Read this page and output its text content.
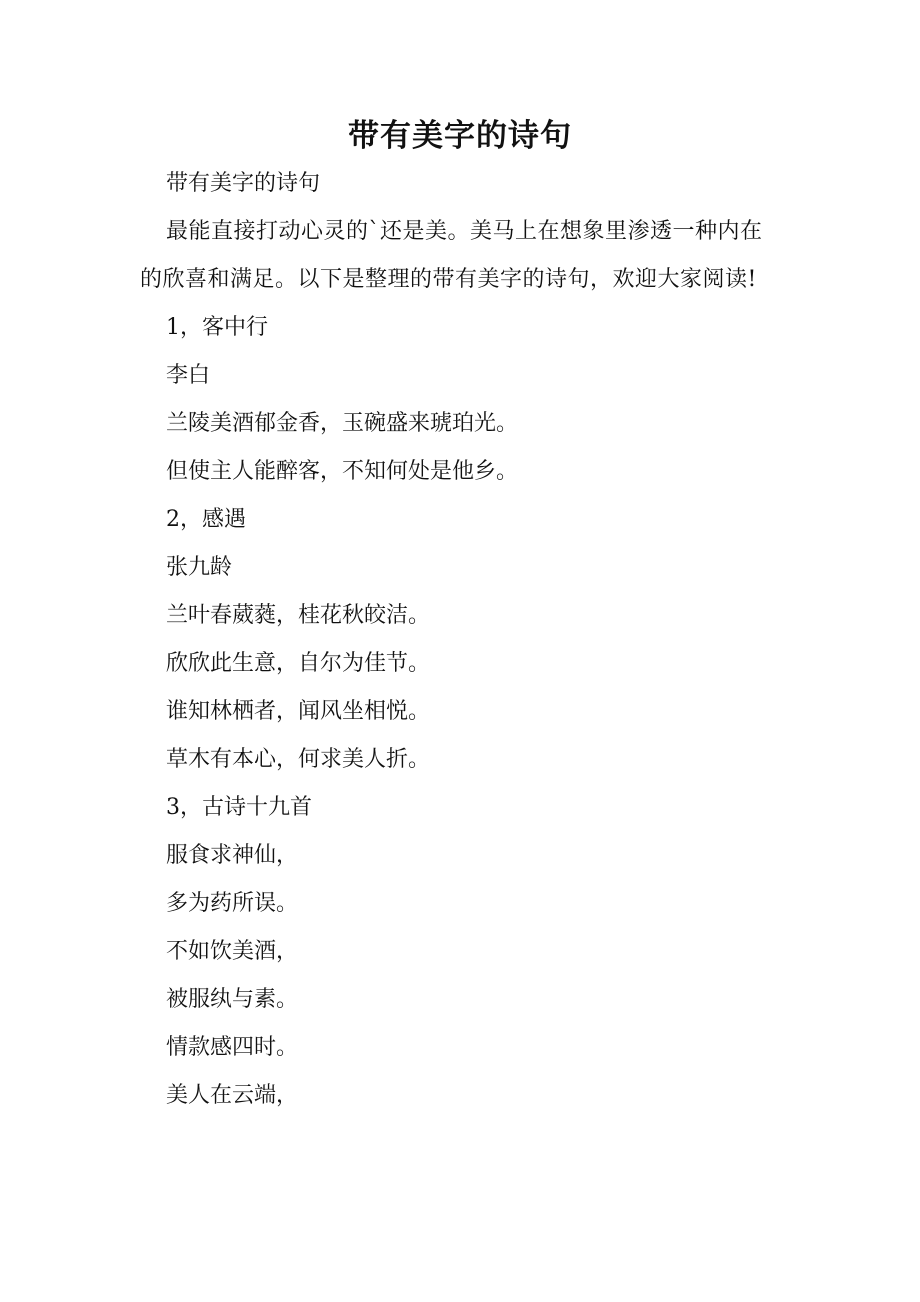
带有美字的诗句

带有美字的诗句

最能直接打动心灵的`还是美。美马上在想象里渗透一种内在的欣喜和满足。以下是整理的带有美字的诗句，欢迎大家阅读!

1，客中行

李白

兰陵美酒郁金香，玉碗盛来琥珀光。

但使主人能醉客，不知何处是他乡。

2，感遇

张九龄

兰叶春葳蕤，桂花秋皎洁。

欣欣此生意，自尔为佳节。

谁知林栖者，闻风坐相悦。

草木有本心，何求美人折。

3，古诗十九首

服食求神仙，

多为药所误。

不如饮美酒，

被服纨与素。

情款感四时。

美人在云端，
